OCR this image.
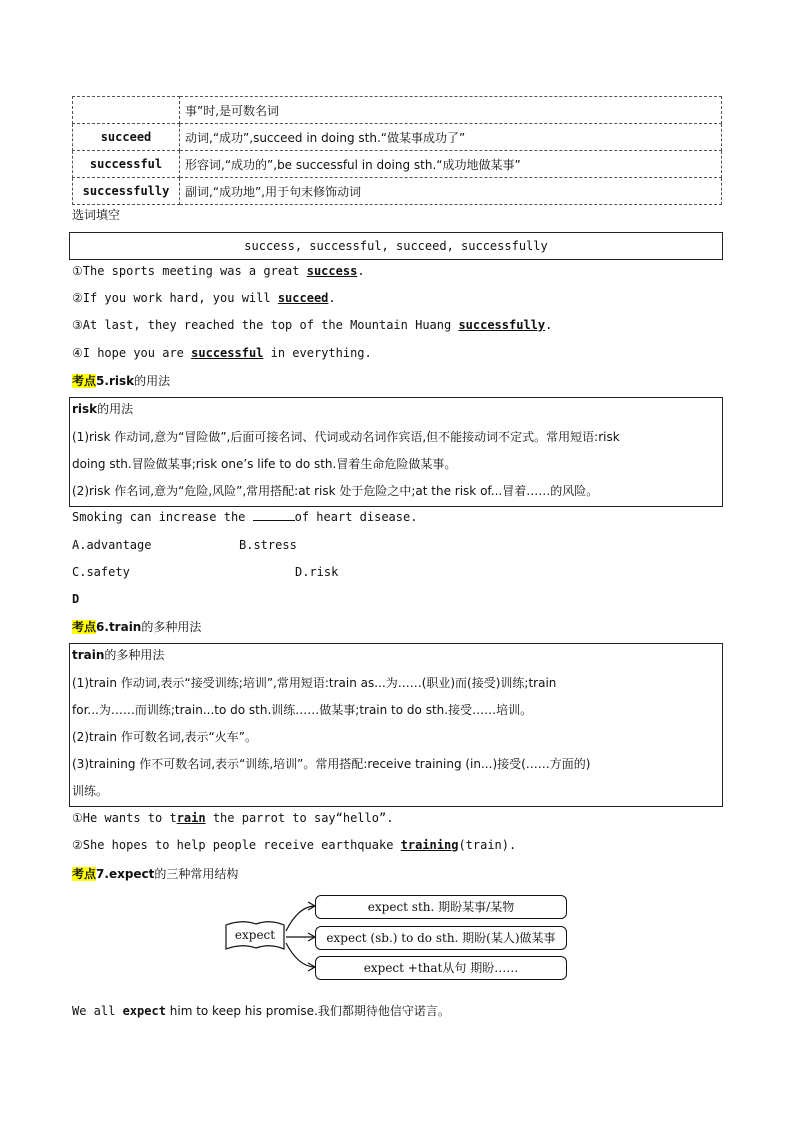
	事”时,是可数名词
succeed	动词,“成功”,succeed in doing sth.“做某事成功了”
successful	形容词,“成功的”,be successful in doing sth.“成功地做某事”
successfully	副词,“成功地”,用于句末修饰动词
选词填空
success, successful, succeed, successfully
①The sports meeting was a great success.
②If you work hard, you will succeed.
③At last, they reached the top of the Mountain Huang successfully.
④I hope you are successful in everything.
考点5.risk的用法
risk的用法
(1)risk 作动词,意为“冒险做”,后面可接名词、代词或动名词作宾语,但不能接动词不定式。常用短语:risk
doing sth.冒险做某事;risk one’s life to do sth.冒着生命危险做某事。
(2)risk 作名词,意为“危险,风险”,常用搭配:at risk 处于危险之中;at the risk of...冒着……的风险。
Smoking can increase the	of heart disease.
A.advantage	B.stress
C.safety	D.risk
D
考点6.train的多种用法
train的多种用法
(1)train 作动词,表示“接受训练;培训”,常用短语:train as...为……(职业)而(接受)训练;train
for...为……而训练;train...to do sth.训练……做某事;train to do sth.接受……培训。
(2)train 作可数名词,表示“火车”。
(3)training 作不可数名词,表示“训练,培训”。常用搭配:receive training (in...)接受(……方面的)
训练。
①He wants to train the parrot to say“hello”.
②She hopes to help people receive earthquake training(train).
考点7.expect的三种常用结构
expect
expect sth. 期盼某事/某物
expect (sb.) to do sth. 期盼(某人)做某事
expect +that从句 期盼……
We all expect him to keep his promise.我们都期待他信守诺言。
